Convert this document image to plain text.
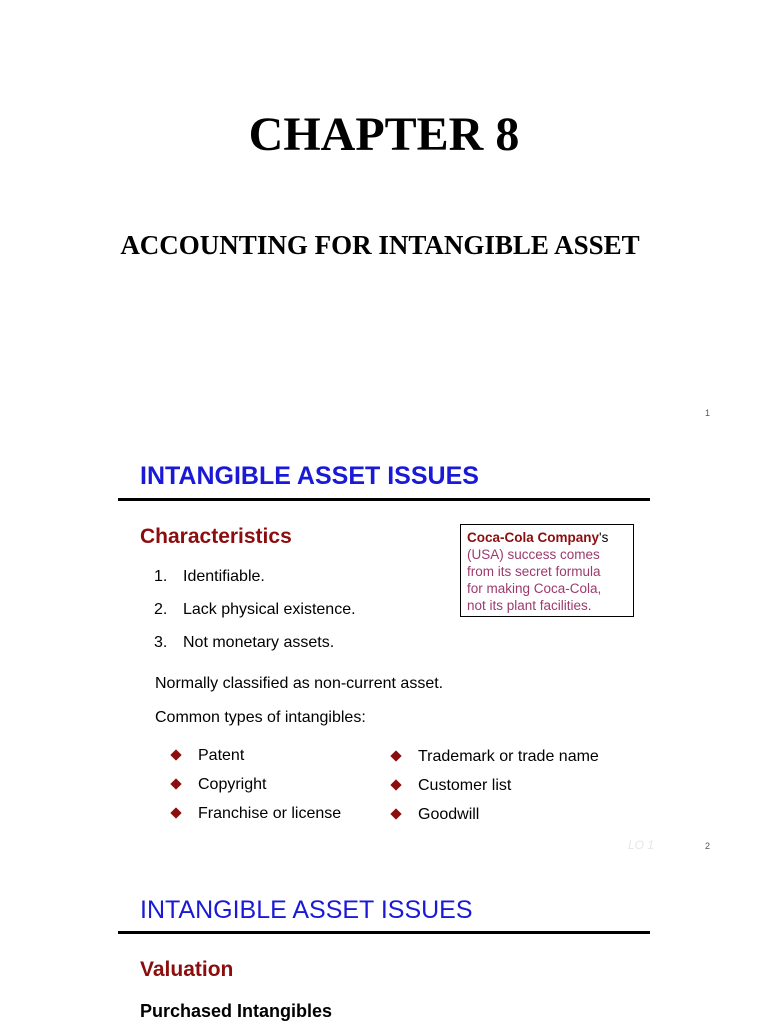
CHAPTER 8
ACCOUNTING FOR INTANGIBLE ASSET
1
INTANGIBLE ASSET ISSUES
Characteristics
1. Identifiable.
2. Lack physical existence.
3. Not monetary assets.
Normally classified as non-current asset.
Common types of intangibles:
Coca-Cola Company's
(USA) success comes
from its secret formula
for making Coca-Cola,
not its plant facilities.
Patent
Copyright
Franchise or license
Trademark or trade name
Customer list
Goodwill
LO 1	2
INTANGIBLE ASSET ISSUES
Valuation
Purchased Intangibles
